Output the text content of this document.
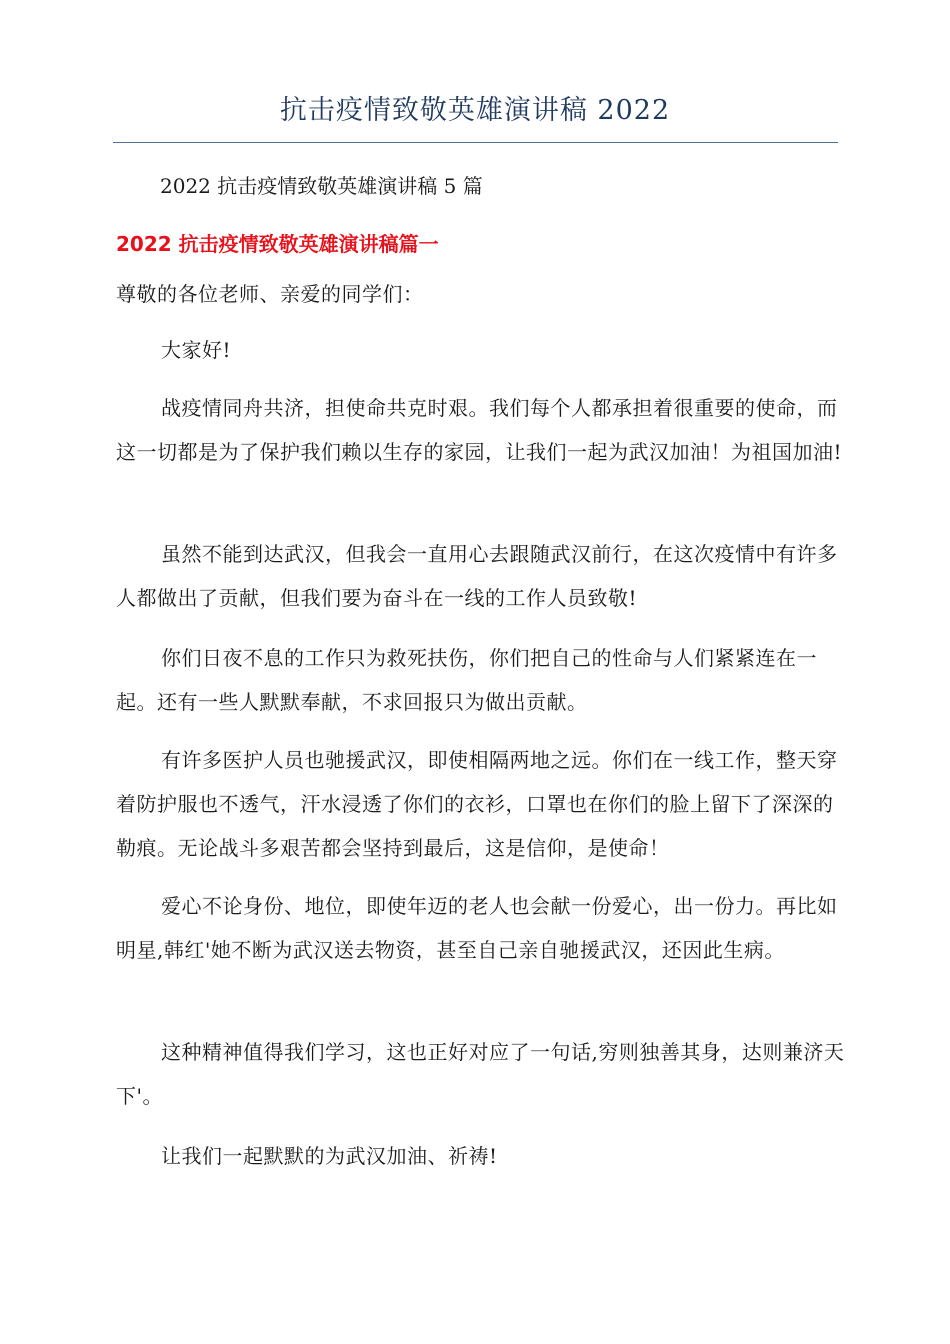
抗击疫情致敬英雄演讲稿 2022

2022 抗击疫情致敬英雄演讲稿 5 篇

2022 抗击疫情致敬英雄演讲稿篇一

尊敬的各位老师、亲爱的同学们：

大家好!

战疫情同舟共济，担使命共克时艰。我们每个人都承担着很重要的使命，而这一切都是为了保护我们赖以生存的家园，让我们一起为武汉加油！为祖国加油!

虽然不能到达武汉，但我会一直用心去跟随武汉前行，在这次疫情中有许多人都做出了贡献，但我们要为奋斗在一线的工作人员致敬!

你们日夜不息的工作只为救死扶伤，你们把自己的性命与人们紧紧连在一起。还有一些人默默奉献，不求回报只为做出贡献。

有许多医护人员也驰援武汉，即使相隔两地之远。你们在一线工作，整天穿着防护服也不透气，汗水浸透了你们的衣衫，口罩也在你们的脸上留下了深深的勒痕。无论战斗多艰苦都会坚持到最后，这是信仰，是使命！

爱心不论身份、地位，即使年迈的老人也会献一份爱心，出一份力。再比如明星,韩红'她不断为武汉送去物资，甚至自己亲自驰援武汉，还因此生病。

这种精神值得我们学习，这也正好对应了一句话,穷则独善其身，达则兼济天下'。

让我们一起默默的为武汉加油、祈祷!
